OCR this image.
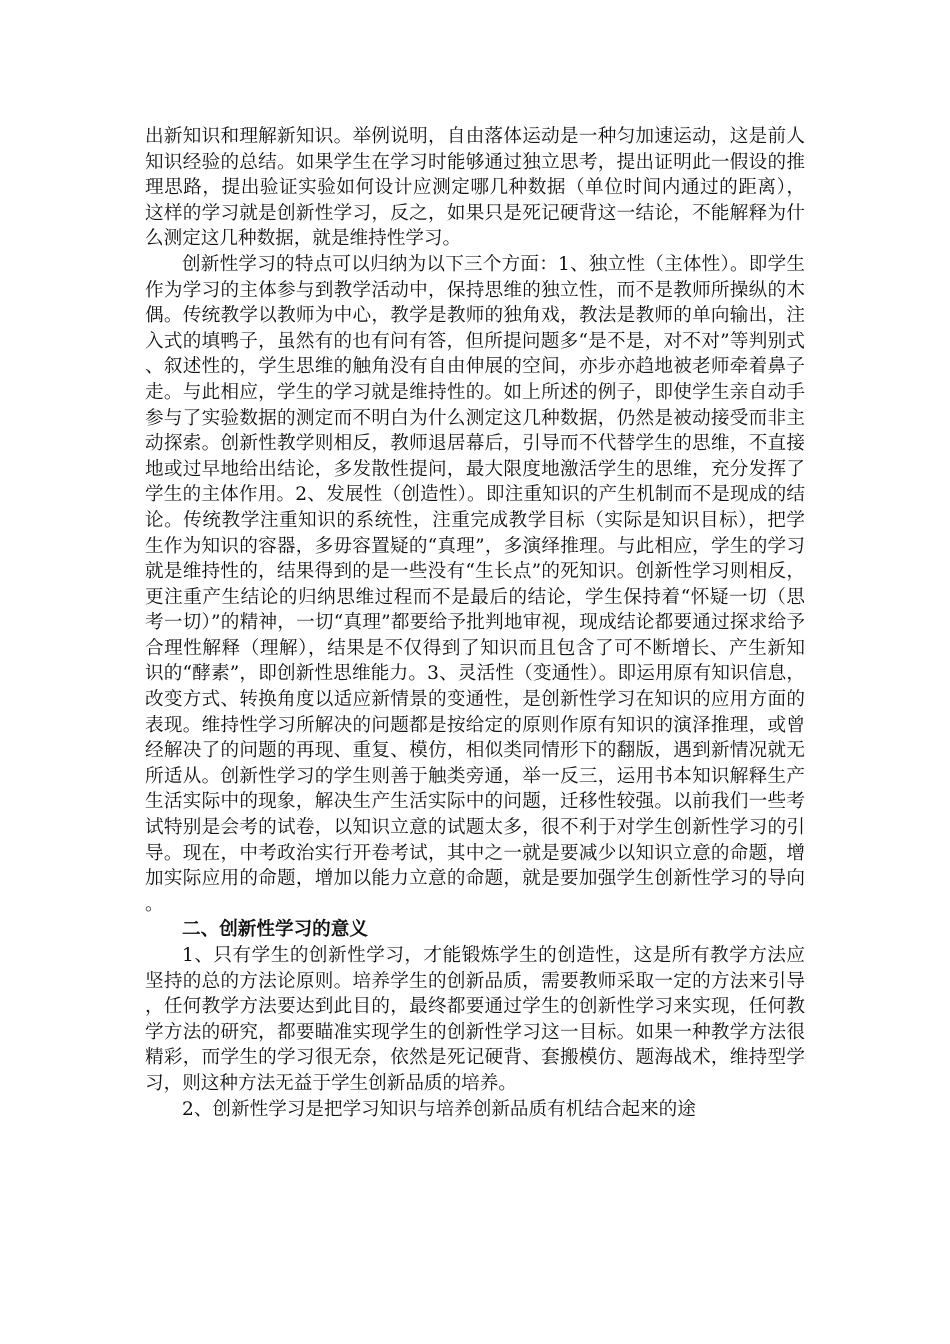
出新知识和理解新知识。举例说明，自由落体运动是一种匀加速运动，这是前人知识经验的总结。如果学生在学习时能够通过独立思考，提出证明此一假设的推理思路，提出验证实验如何设计应测定哪几种数据（单位时间内通过的距离），这样的学习就是创新性学习，反之，如果只是死记硬背这一结论，不能解释为什么测定这几种数据，就是维持性学习。

创新性学习的特点可以归纳为以下三个方面：1、独立性（主体性）。即学生作为学习的主体参与到教学活动中，保持思维的独立性，而不是教师所操纵的木偶。传统教学以教师为中心，教学是教师的独角戏，教法是教师的单向输出，注入式的填鸭子，虽然有的也有问有答，但所提问题多“是不是，对不对”等判别式、叙述性的，学生思维的触角没有自由伸展的空间，亦步亦趋地被老师牵着鼻子走。与此相应，学生的学习就是维持性的。如上所述的例子，即使学生亲自动手参与了实验数据的测定而不明白为什么测定这几种数据，仍然是被动接受而非主动探索。创新性教学则相反，教师退居幕后，引导而不代替学生的思维，不直接地或过早地给出结论，多发散性提问，最大限度地激活学生的思维，充分发挥了学生的主体作用。2、发展性（创造性）。即注重知识的产生机制而不是现成的结论。传统教学注重知识的系统性，注重完成教学目标（实际是知识目标），把学生作为知识的容器，多毋容置疑的“真理”，多演绎推理。与此相应，学生的学习就是维持性的，结果得到的是一些没有“生长点”的死知识。创新性学习则相反，更注重产生结论的归纳思维过程而不是最后的结论，学生保持着“怀疑一切（思考一切）”的精神，一切“真理”都要给予批判地审视，现成结论都要通过探求给予合理性解释（理解），结果是不仅得到了知识而且包含了可不断增长、产生新知识的“酵素”，即创新性思维能力。3、灵活性（变通性）。即运用原有知识信息，改变方式、转换角度以适应新情景的变通性，是创新性学习在知识的应用方面的表现。维持性学习所解决的问题都是按给定的原则作原有知识的演泽推理，或曾经解决了的问题的再现、重复、模仿，相似类同情形下的翻版，遇到新情况就无所适从。创新性学习的学生则善于触类旁通，举一反三，运用书本知识解释生产生活实际中的现象，解决生产生活实际中的问题，迁移性较强。以前我们一些考试特别是会考的试卷，以知识立意的试题太多，很不利于对学生创新性学习的引导。现在，中考政治实行开卷考试，其中之一就是要减少以知识立意的命题，增加实际应用的命题，增加以能力立意的命题，就是要加强学生创新性学习的导向。

二、创新性学习的意义

1、只有学生的创新性学习，才能锻炼学生的创造性，这是所有教学方法应坚持的总的方法论原则。培养学生的创新品质，需要教师采取一定的方法来引导，任何教学方法要达到此目的，最终都要通过学生的创新性学习来实现，任何教学方法的研究，都要瞄准实现学生的创新性学习这一目标。如果一种教学方法很精彩，而学生的学习很无奈，依然是死记硬背、套搬模仿、题海战术，维持型学习，则这种方法无益于学生创新品质的培养。

2、创新性学习是把学习知识与培养创新品质有机结合起来的途
